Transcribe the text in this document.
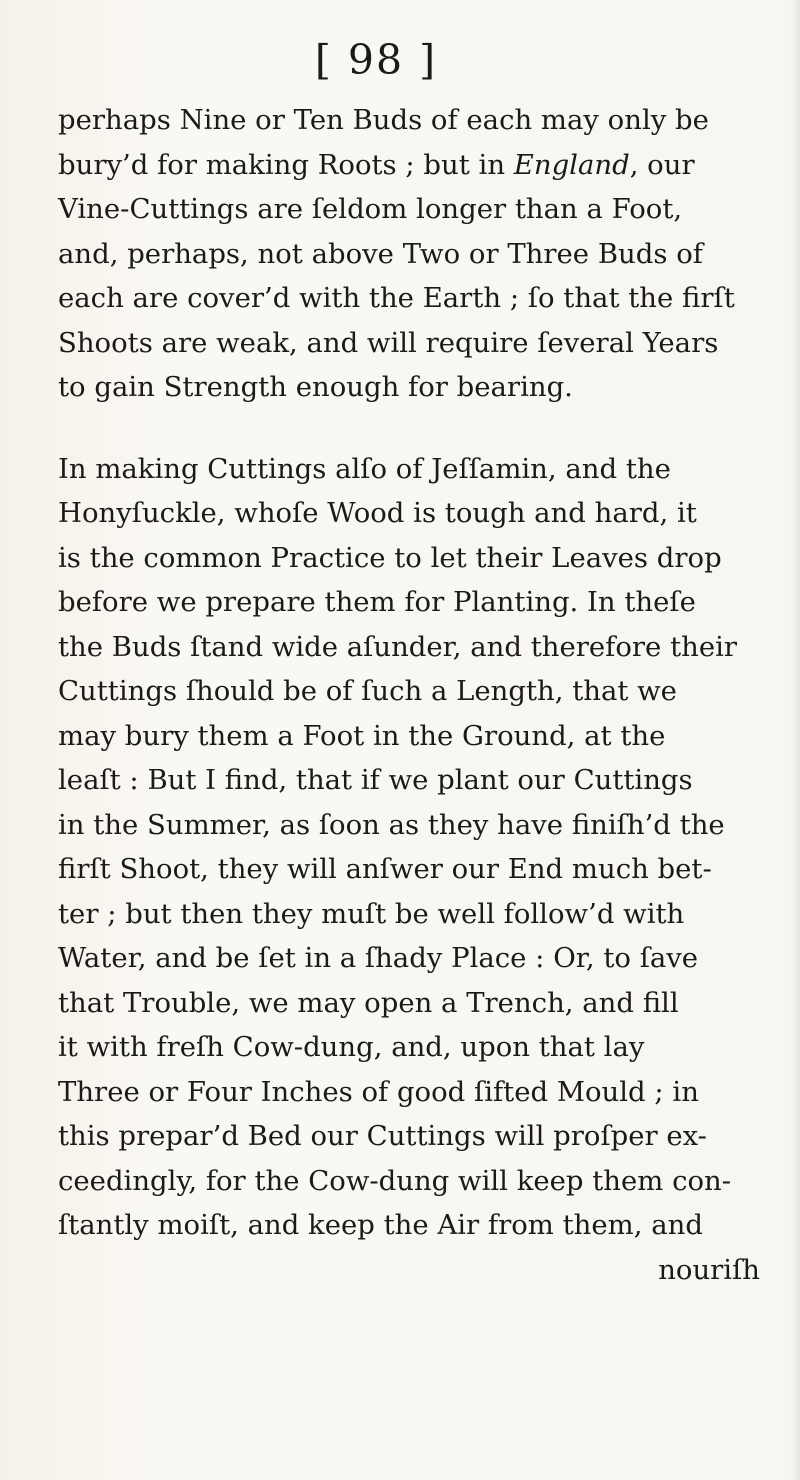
[ 98 ]
perhaps Nine or Ten Buds of each may only be
bury’d for making Roots ; but in England, our
Vine-Cuttings are ſeldom longer than a Foot,
and, perhaps, not above Two or Three Buds of
each are cover’d with the Earth ; ſo that the firſt
Shoots are weak, and will require ſeveral Years
to gain Strength enough for bearing.
In making Cuttings alſo of Jeſſamin, and the
Honyſuckle, whoſe Wood is tough and hard, it
is the common Practice to let their Leaves drop
before we prepare them for Planting. In theſe
the Buds ſtand wide aſunder, and therefore their
Cuttings ſhould be of ſuch a Length, that we
may bury them a Foot in the Ground, at the
leaſt : But I find, that if we plant our Cuttings
in the Summer, as ſoon as they have finiſh’d the
firſt Shoot, they will anſwer our End much bet-
ter ; but then they muſt be well follow’d with
Water, and be ſet in a ſhady Place : Or, to ſave
that Trouble, we may open a Trench, and fill
it with freſh Cow-dung, and, upon that lay
Three or Four Inches of good ſifted Mould ; in
this prepar’d Bed our Cuttings will proſper ex-
ceedingly, for the Cow-dung will keep them con-
ſtantly moiſt, and keep the Air from them, and
nouriſh
